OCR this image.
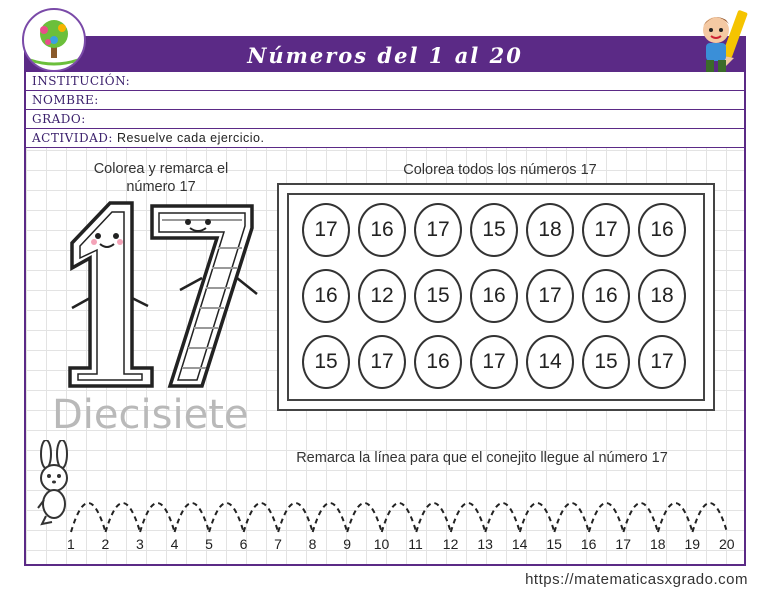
Números del 1 al 20
INSTITUCIÓN:
NOMBRE:
GRADO:
ACTIVIDAD: Resuelve cada ejercicio.
Colorea y remarca el
número 17
Diecisiete
Colorea todos los números 17
17	16	17	15	18	17	16
16	12	15	16	17	16	18
15	17	16	17	14	15	17
Remarca la línea para que el conejito llegue al número 17
1 2 3 4 5 6 7 8 9 10 11 12 13 14 15 16 17 18 19 20
https://matematicasxgrado.com
